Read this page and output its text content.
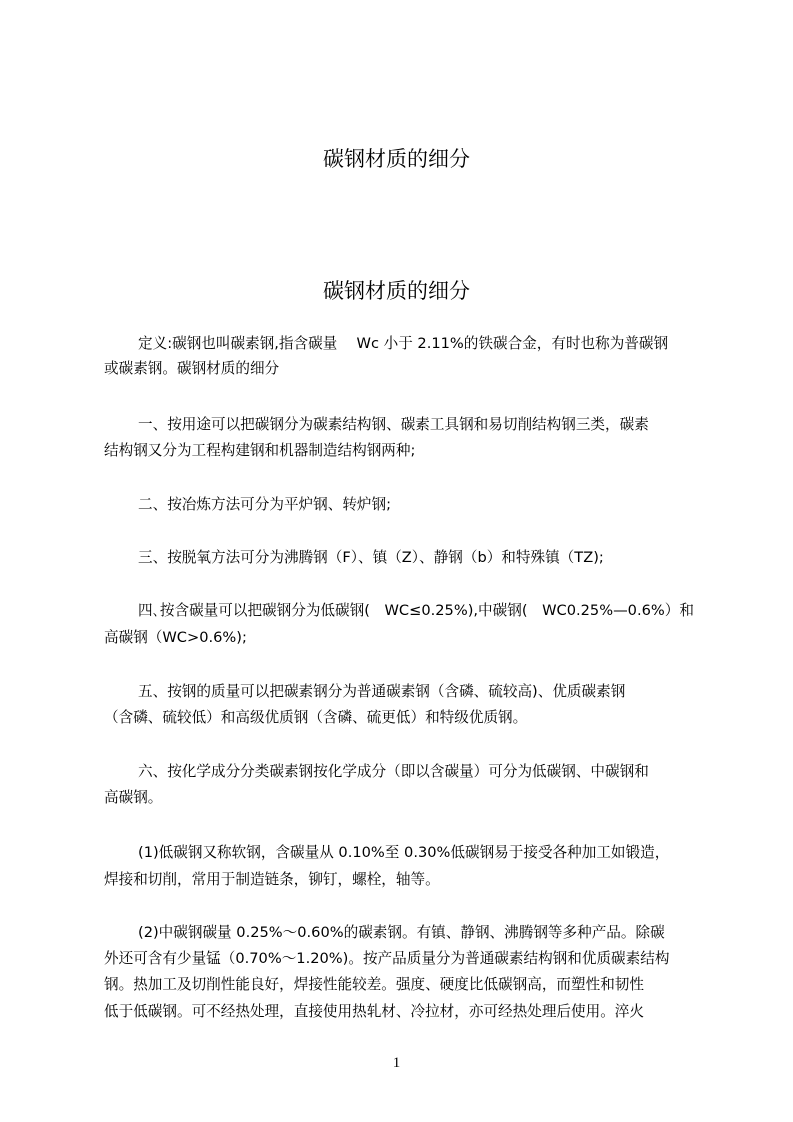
碳钢材质的细分
碳钢材质的细分
定义:碳钢也叫碳素钢,指含碳量　 Wc 小于 2.11%的铁碳合金，有时也称为普碳钢
或碳素钢。碳钢材质的细分
一、按用途可以把碳钢分为碳素结构钢、碳素工具钢和易切削结构钢三类，碳素
结构钢又分为工程构建钢和机器制造结构钢两种;
二、按冶炼方法可分为平炉钢、转炉钢;
三、按脱氧方法可分为沸腾钢（F）、镇（Z）、静钢（b）和特殊镇（TZ);
四､按含碳量可以把碳钢分为低碳钢(　WC≤0.25%),中碳钢(　WC0.25%—0.6%）和
高碳钢（WC>0.6%);
五、按钢的质量可以把碳素钢分为普通碳素钢（含磷、硫较高)、优质碳素钢
（含磷、硫较低）和高级优质钢（含磷、硫更低）和特级优质钢。
六、按化学成分分类碳素钢按化学成分（即以含碳量）可分为低碳钢、中碳钢和
高碳钢。
(1)低碳钢又称软钢，含碳量从 0.10%至 0.30%低碳钢易于接受各种加工如锻造，
焊接和切削，常用于制造链条，铆钉，螺栓，轴等。
(2)中碳钢碳量 0.25%～0.60%的碳素钢。有镇、静钢、沸腾钢等多种产品。除碳
外还可含有少量锰（0.70%～1.20%)。按产品质量分为普通碳素结构钢和优质碳素结构
钢。热加工及切削性能良好，焊接性能较差。强度、硬度比低碳钢高，而塑性和韧性
低于低碳钢。可不经热处理，直接使用热轧材、冷拉材，亦可经热处理后使用。淬火
1
